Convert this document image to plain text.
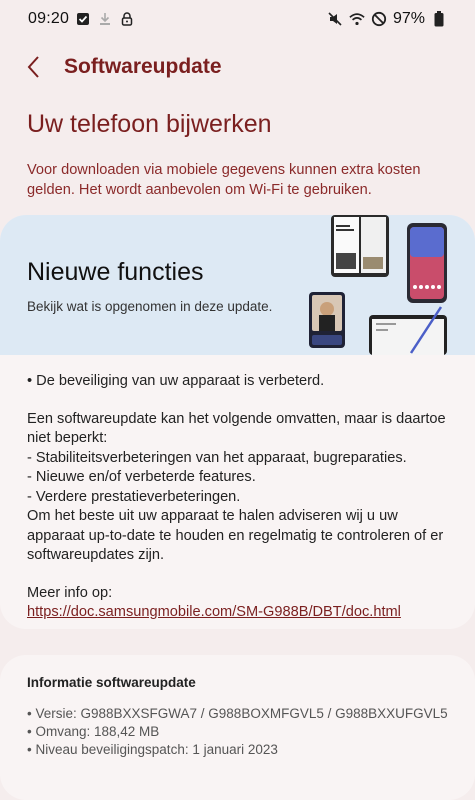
09:20	97%
Softwareupdate
Uw telefoon bijwerken

Voor downloaden via mobiele gegevens kunnen extra kosten gelden. Het wordt aanbevolen om Wi-Fi te gebruiken.

Nieuwe functies
Bekijk wat is opgenomen in deze update.

• De beveiliging van uw apparaat is verbeterd.

Een softwareupdate kan het volgende omvatten, maar is daartoe niet beperkt:

- Stabiliteitsverbeteringen van het apparaat, bugreparaties.

- Nieuwe en/of verbeterde features.

- Verdere prestatieverbeteringen.

Om het beste uit uw apparaat te halen adviseren wij u uw apparaat up-to-date te houden en regelmatig te controleren of er softwareupdates zijn.

Meer info op:

https://doc.samsungmobile.com/SM-G988B/DBT/doc.html

Informatie softwareupdate
• Versie: G988BXXSFGWA7 / G988BOXMFGVL5 / G988BXXUFGVL5
• Omvang: 188,42 MB
• Niveau beveiligingspatch: 1 januari 2023
